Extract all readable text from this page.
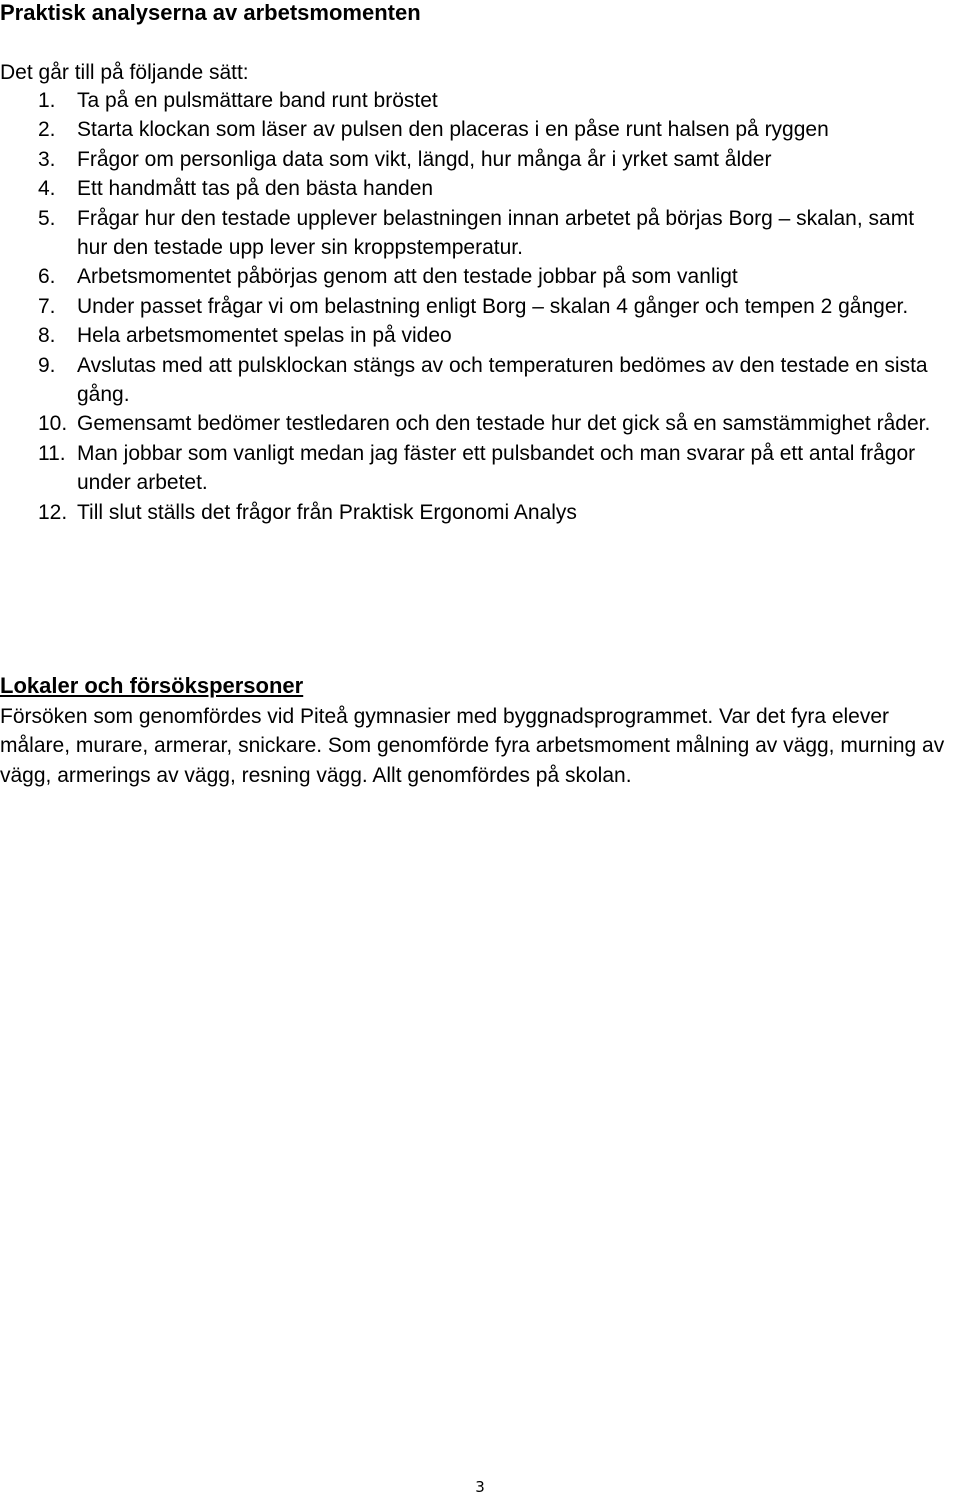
Praktisk analyserna av arbetsmomenten

Det går till på följande sätt:

1.	Ta på en pulsmättare band runt bröstet
2.	Starta klockan som läser av pulsen den placeras i en påse runt halsen på ryggen
3.	Frågor om personliga data som vikt, längd, hur många år i yrket samt ålder
4.	Ett handmått tas på den bästa handen
5.	Frågar hur den testade upplever belastningen innan arbetet på börjas Borg – skalan, samt hur den testade upp lever sin kroppstemperatur.
6.	Arbetsmomentet påbörjas genom att den testade jobbar på som vanligt
7.	Under passet frågar vi om belastning enligt Borg – skalan 4 gånger och tempen 2 gånger.
8.	Hela arbetsmomentet spelas in på video
9.	Avslutas med att pulsklockan stängs av och temperaturen bedömes av den testade en sista gång.
10. Gemensamt bedömer testledaren och den testade hur det gick så en samstämmighet råder.
11. Man jobbar som vanligt medan jag fäster ett pulsbandet och man svarar på ett antal frågor under arbetet.
12. Till slut ställs det frågor från Praktisk Ergonomi Analys
Lokaler och försökspersoner

Försöken som genomfördes vid Piteå gymnasier med byggnadsprogrammet. Var det fyra elever målare, murare, armerar, snickare. Som genomförde fyra arbetsmoment målning av vägg, murning av vägg, armerings av vägg, resning vägg. Allt genomfördes på skolan.

3
